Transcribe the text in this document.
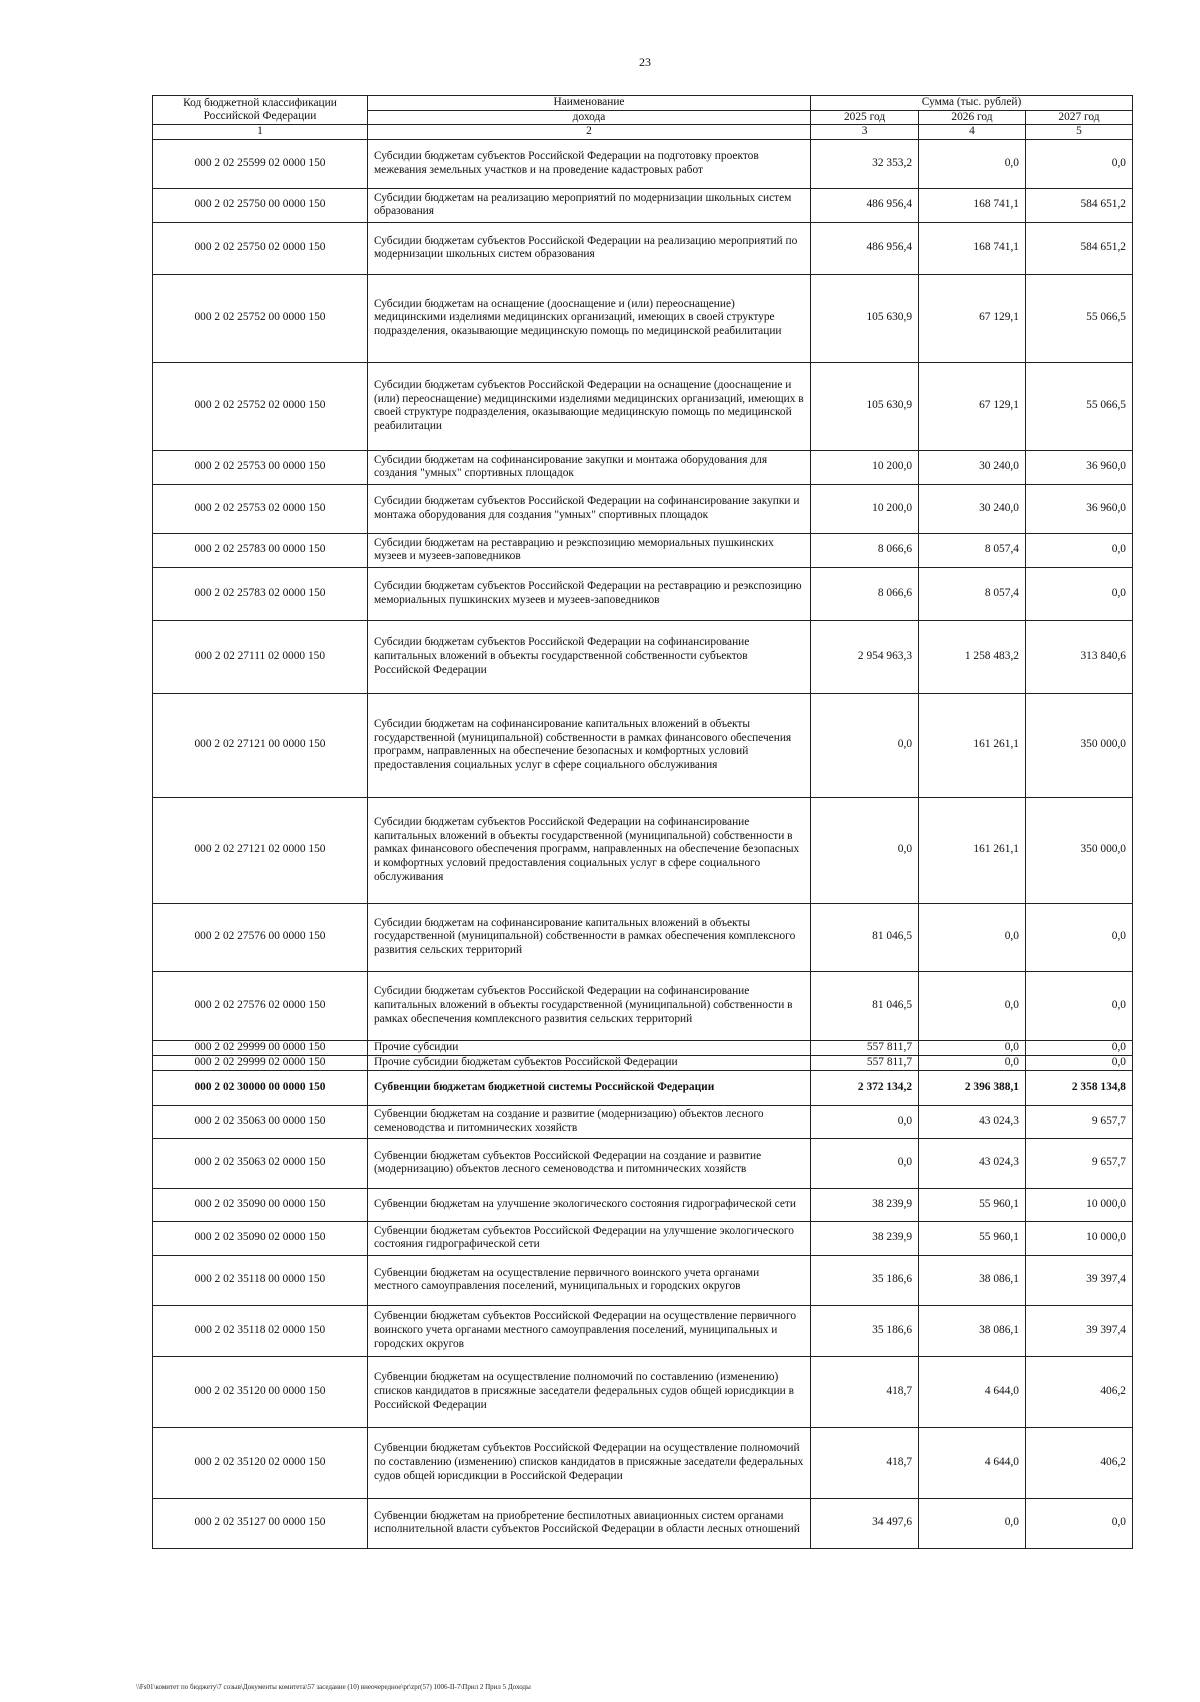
23
Код бюджетной классификации Российской Федерации	Наименование	Сумма (тыс. рублей)		
	дохода	2025 год	2026 год	2027 год
1	2	3	4	5
000 2 02 25599 02 0000 150	Субсидии бюджетам субъектов Российской Федерации на подготовку проектов межевания земельных участков и на проведение кадастровых работ	32 353,2	0,0	0,0
000 2 02 25750 00 0000 150	Субсидии бюджетам на реализацию мероприятий по модернизации школьных систем образования	486 956,4	168 741,1	584 651,2
000 2 02 25750 02 0000 150	Субсидии бюджетам субъектов Российской Федерации на реализацию мероприятий по модернизации школьных систем образования	486 956,4	168 741,1	584 651,2
000 2 02 25752 00 0000 150	Субсидии бюджетам на оснащение (дооснащение и (или) переоснащение) медицинскими изделиями медицинских организаций, имеющих в своей структуре подразделения, оказывающие медицинскую помощь по медицинской реабилитации	105 630,9	67 129,1	55 066,5
000 2 02 25752 02 0000 150	Субсидии бюджетам субъектов Российской Федерации на оснащение (дооснащение и (или) переоснащение) медицинскими изделиями медицинских организаций, имеющих в своей структуре подразделения, оказывающие медицинскую помощь по медицинской реабилитации	105 630,9	67 129,1	55 066,5
000 2 02 25753 00 0000 150	Субсидии бюджетам на софинансирование закупки и монтажа оборудования для создания "умных" спортивных площадок	10 200,0	30 240,0	36 960,0
000 2 02 25753 02 0000 150	Субсидии бюджетам субъектов Российской Федерации на софинансирование закупки и монтажа оборудования для создания "умных" спортивных площадок	10 200,0	30 240,0	36 960,0
000 2 02 25783 00 0000 150	Субсидии бюджетам на реставрацию и реэкспозицию мемориальных пушкинских музеев и музеев-заповедников	8 066,6	8 057,4	0,0
000 2 02 25783 02 0000 150	Субсидии бюджетам субъектов Российской Федерации на реставрацию и реэкспозицию мемориальных пушкинских музеев и музеев-заповедников	8 066,6	8 057,4	0,0
000 2 02 27111 02 0000 150	Субсидии бюджетам субъектов Российской Федерации на софинансирование капитальных вложений в объекты государственной собственности субъектов Российской Федерации	2 954 963,3	1 258 483,2	313 840,6
000 2 02 27121 00 0000 150	Субсидии бюджетам на софинансирование капитальных вложений в объекты государственной (муниципальной) собственности в рамках финансового обеспечения программ, направленных на обеспечение безопасных и комфортных условий предоставления социальных услуг в сфере социального обслуживания	0,0	161 261,1	350 000,0
000 2 02 27121 02 0000 150	Субсидии бюджетам субъектов Российской Федерации на софинансирование капитальных вложений в объекты государственной (муниципальной) собственности в рамках финансового обеспечения программ, направленных на обеспечение безопасных и комфортных условий предоставления социальных услуг в сфере социального обслуживания	0,0	161 261,1	350 000,0
000 2 02 27576 00 0000 150	Субсидии бюджетам на софинансирование капитальных вложений в объекты государственной (муниципальной) собственности в рамках обеспечения комплексного развития сельских территорий	81 046,5	0,0	0,0
000 2 02 27576 02 0000 150	Субсидии бюджетам субъектов Российской Федерации на софинансирование капитальных вложений в объекты государственной (муниципальной) собственности в рамках обеспечения комплексного развития сельских территорий	81 046,5	0,0	0,0
000 2 02 29999 00 0000 150	Прочие субсидии	557 811,7	0,0	0,0
000 2 02 29999 02 0000 150	Прочие субсидии бюджетам субъектов Российской Федерации	557 811,7	0,0	0,0
000 2 02 30000 00 0000 150	Субвенции бюджетам бюджетной системы Российской Федерации	2 372 134,2	2 396 388,1	2 358 134,8
000 2 02 35063 00 0000 150	Субвенции бюджетам на создание и развитие (модернизацию) объектов лесного семеноводства и питомнических хозяйств	0,0	43 024,3	9 657,7
000 2 02 35063 02 0000 150	Субвенции бюджетам субъектов Российской Федерации на создание и развитие (модернизацию) объектов лесного семеноводства и питомнических хозяйств	0,0	43 024,3	9 657,7
000 2 02 35090 00 0000 150	Субвенции бюджетам на улучшение экологического состояния гидрографической сети	38 239,9	55 960,1	10 000,0
000 2 02 35090 02 0000 150	Субвенции бюджетам субъектов Российской Федерации на улучшение экологического состояния гидрографической сети	38 239,9	55 960,1	10 000,0
000 2 02 35118 00 0000 150	Субвенции бюджетам на осуществление первичного воинского учета органами местного самоуправления поселений, муниципальных и городских округов	35 186,6	38 086,1	39 397,4
000 2 02 35118 02 0000 150	Субвенции бюджетам субъектов Российской Федерации на осуществление первичного воинского учета органами местного самоуправления поселений, муниципальных и городских округов	35 186,6	38 086,1	39 397,4
000 2 02 35120 00 0000 150	Субвенции бюджетам на осуществление полномочий по составлению (изменению) списков кандидатов в присяжные заседатели федеральных судов общей юрисдикции в Российской Федерации	418,7	4 644,0	406,2
000 2 02 35120 02 0000 150	Субвенции бюджетам субъектов Российской Федерации на осуществление полномочий по составлению (изменению) списков кандидатов в присяжные заседатели федеральных судов общей юрисдикции в Российской Федерации	418,7	4 644,0	406,2
000 2 02 35127 00 0000 150	Субвенции бюджетам на приобретение беспилотных авиационных систем органами исполнительной власти субъектов Российской Федерации в области лесных отношений	34 497,6	0,0	0,0
\\Fs01\комитет по бюджету\7 созыв\Документы комитета\57 заседание (10) внеочередное\pr\zpr(57) 1006-II-7\Прил 2 Прил 5 Доходы
